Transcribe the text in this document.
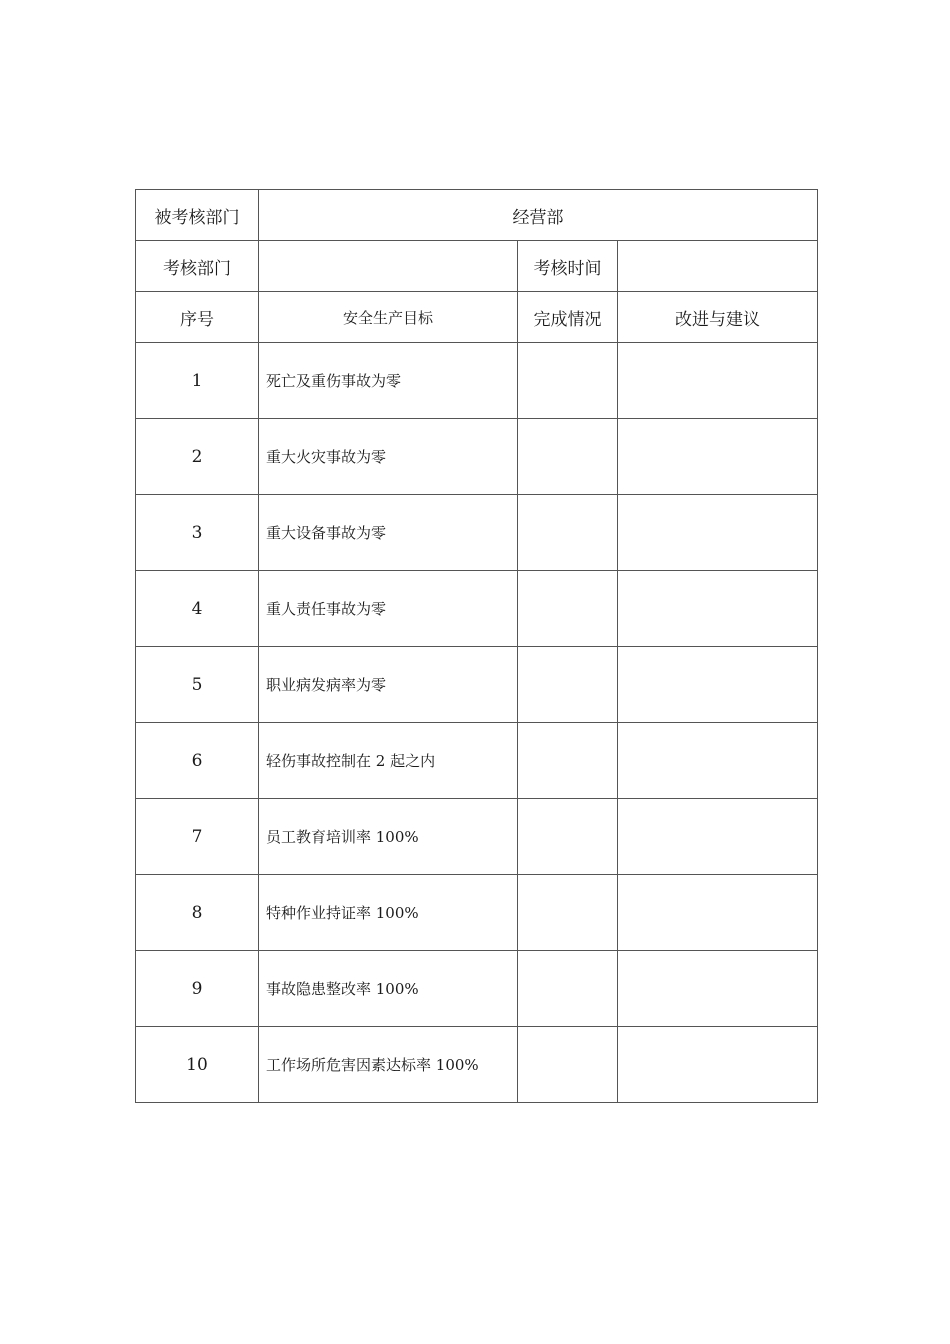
被考核部门	经营部		
考核部门		考核时间	
序号	安全生产目标	完成情况	改进与建议
1	死亡及重伤事故为零		
2	重大火灾事故为零		
3	重大设备事故为零		
4	重人责任事故为零		
5	职业病发病率为零		
6	轻伤事故控制在 2 起之内		
7	员工教育培训率 100%		
8	特种作业持证率 100%		
9	事故隐患整改率 100%		
10	工作场所危害因素达标率 100%		
